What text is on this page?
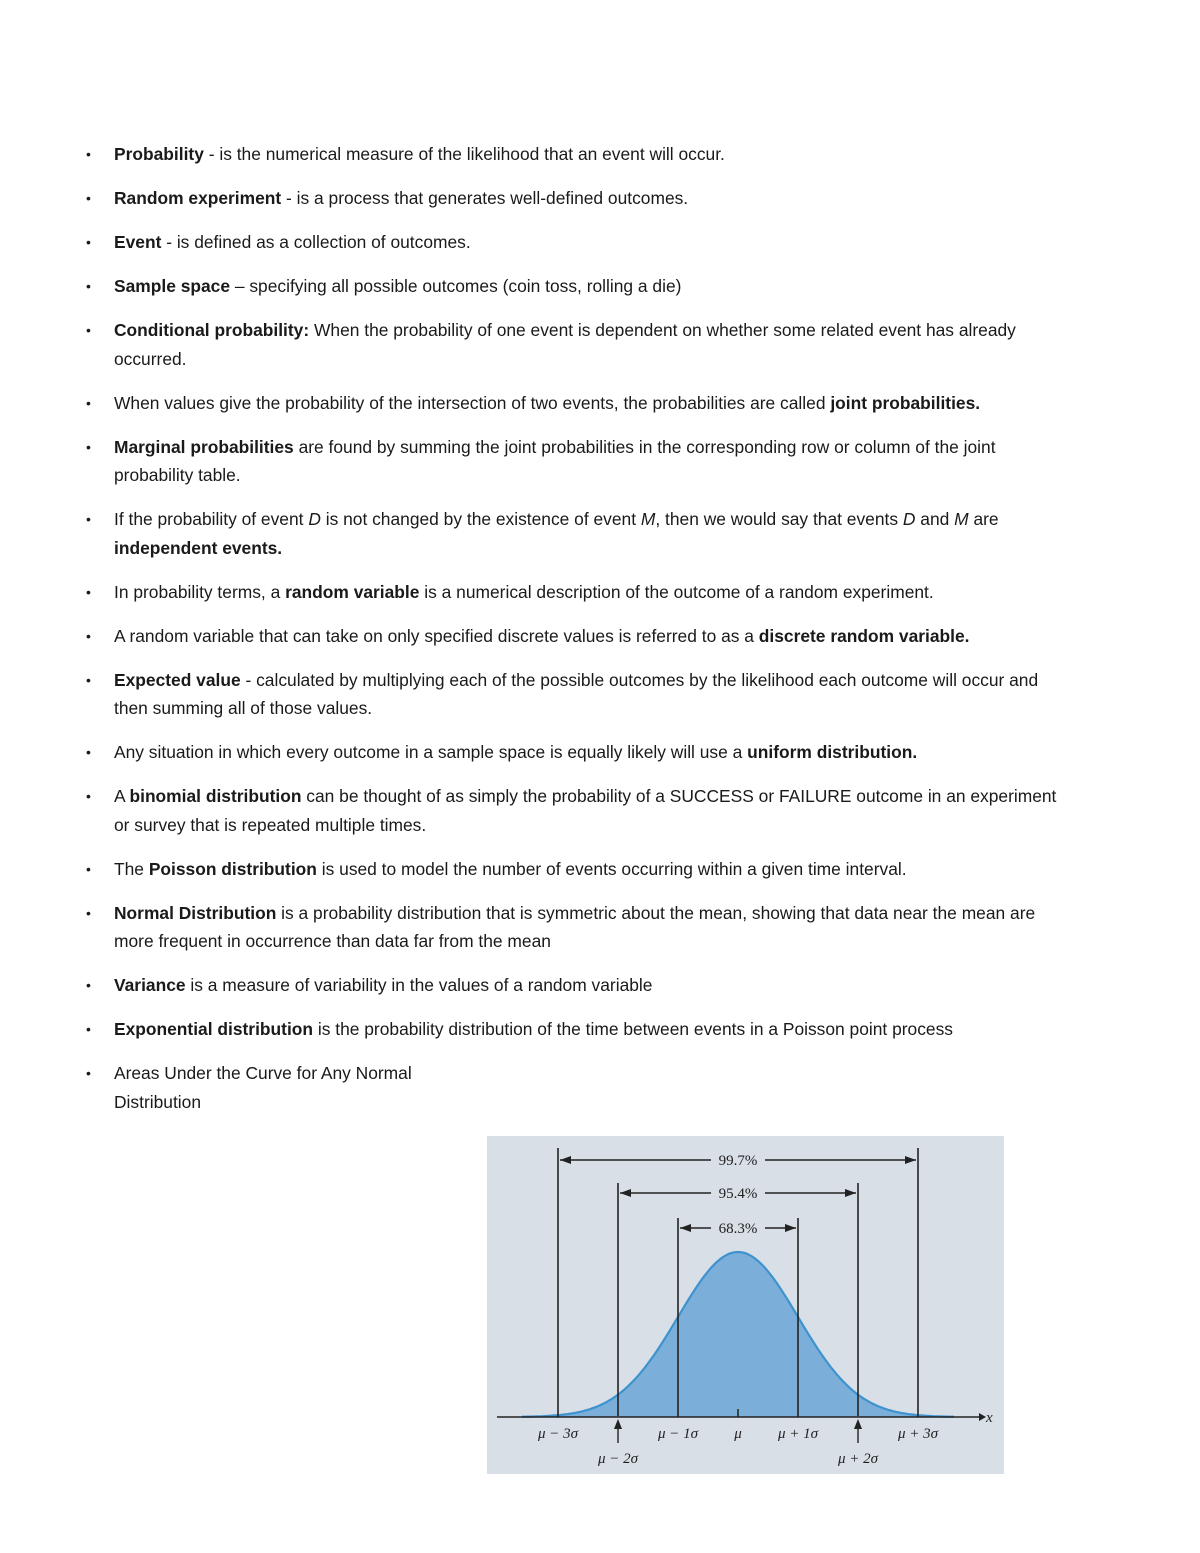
•	Probability - is the numerical measure of the likelihood that an event will occur.
•	Random experiment - is a process that generates well-defined outcomes.
•	Event - is defined as a collection of outcomes.
•	Sample space – specifying all possible outcomes (coin toss, rolling a die)
•	Conditional probability: When the probability of one event is dependent on whether some related event has already occurred.
•	When values give the probability of the intersection of two events, the probabilities are called joint probabilities.
•	Marginal probabilities are found by summing the joint probabilities in the corresponding row or column of the joint probability table.
•	If the probability of event D is not changed by the existence of event M, then we would say that events D and M are independent events.
•	In probability terms, a random variable is a numerical description of the outcome of a random experiment.
•	A random variable that can take on only specified discrete values is referred to as a discrete random variable.
•	Expected value - calculated by multiplying each of the possible outcomes by the likelihood each outcome will occur and then summing all of those values.
•	Any situation in which every outcome in a sample space is equally likely will use a uniform distribution.
•	A binomial distribution can be thought of as simply the probability of a SUCCESS or FAILURE outcome in an experiment or survey that is repeated multiple times.
•	The Poisson distribution is used to model the number of events occurring within a given time interval.
•	Normal Distribution is a probability distribution that is symmetric about the mean, showing that data near the mean are more frequent in occurrence than data far from the mean
•	Variance is a measure of variability in the values of a random variable
•	Exponential distribution is the probability distribution of the time between events in a Poisson point process
•	Areas Under the Curve for Any Normal Distribution
x
68.3%
95.4%
99.7%
μ − 3σ
μ − 2σ
μ − 1σ μ μ + 1σ
μ + 2σ
μ + 3σ
